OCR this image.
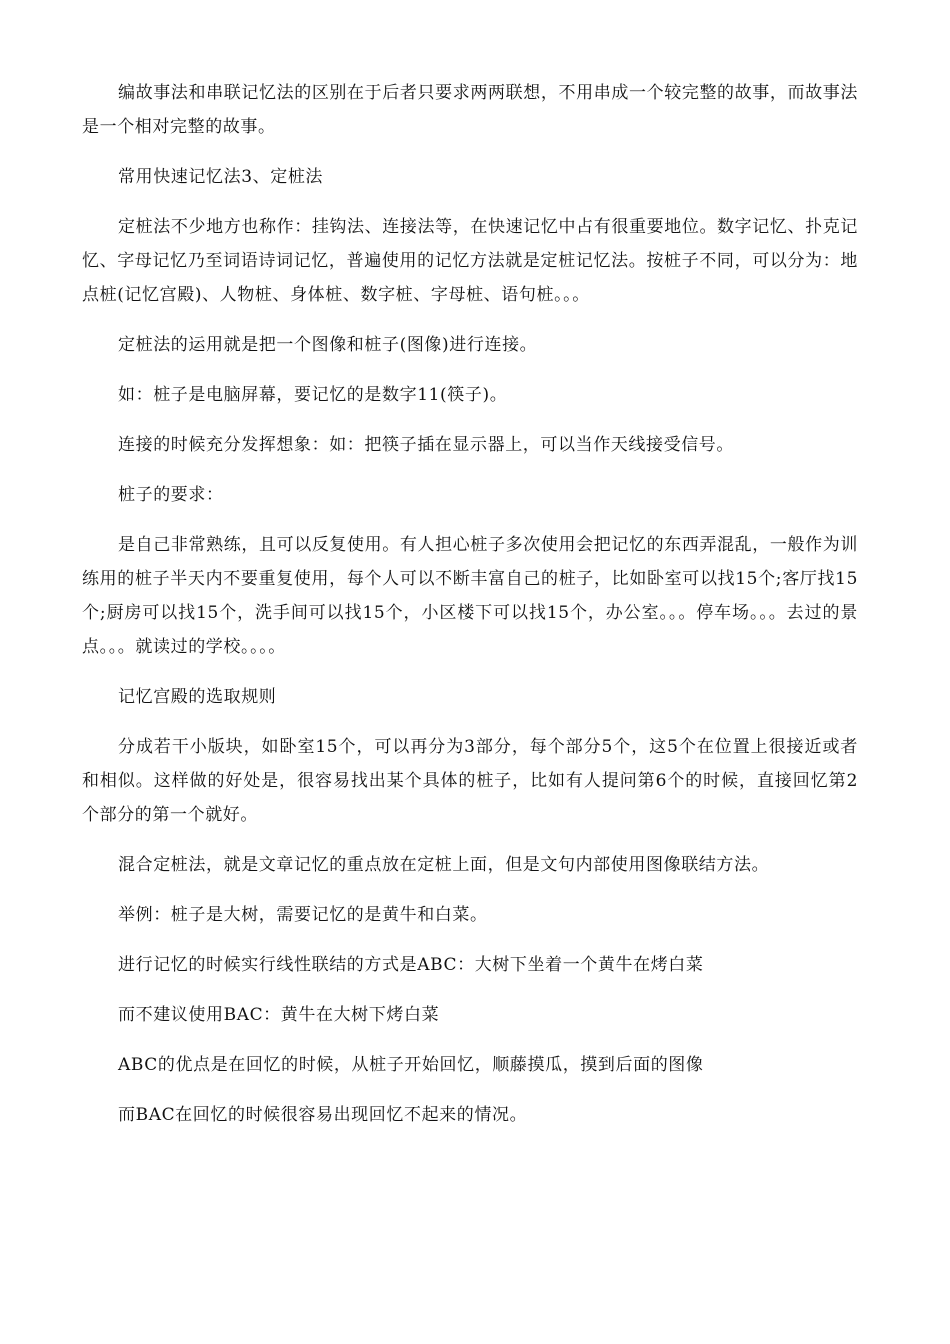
编故事法和串联记忆法的区别在于后者只要求两两联想，不用串成一个较完整的故事，而故事法是一个相对完整的故事。

常用快速记忆法3、定桩法

定桩法不少地方也称作：挂钩法、连接法等，在快速记忆中占有很重要地位。数字记忆、扑克记忆、字母记忆乃至词语诗词记忆，普遍使用的记忆方法就是定桩记忆法。按桩子不同，可以分为：地点桩(记忆宫殿)、人物桩、身体桩、数字桩、字母桩、语句桩。。。

定桩法的运用就是把一个图像和桩子(图像)进行连接。

如：桩子是电脑屏幕，要记忆的是数字11(筷子)。

连接的时候充分发挥想象：如：把筷子插在显示器上，可以当作天线接受信号。

桩子的要求：

是自己非常熟练，且可以反复使用。有人担心桩子多次使用会把记忆的东西弄混乱，一般作为训练用的桩子半天内不要重复使用，每个人可以不断丰富自己的桩子，比如卧室可以找15个;客厅找15个;厨房可以找15个，洗手间可以找15个，小区楼下可以找15个，办公室。。。停车场。。。去过的景点。。。就读过的学校。。。。

记忆宫殿的选取规则

分成若干小版块，如卧室15个，可以再分为3部分，每个部分5个，这5个在位置上很接近或者和相似。这样做的好处是，很容易找出某个具体的桩子，比如有人提问第6个的时候，直接回忆第2个部分的第一个就好。

混合定桩法，就是文章记忆的重点放在定桩上面，但是文句内部使用图像联结方法。

举例：桩子是大树，需要记忆的是黄牛和白菜。

进行记忆的时候实行线性联结的方式是ABC：大树下坐着一个黄牛在烤白菜

而不建议使用BAC：黄牛在大树下烤白菜

ABC的优点是在回忆的时候，从桩子开始回忆，顺藤摸瓜，摸到后面的图像

而BAC在回忆的时候很容易出现回忆不起来的情况。
